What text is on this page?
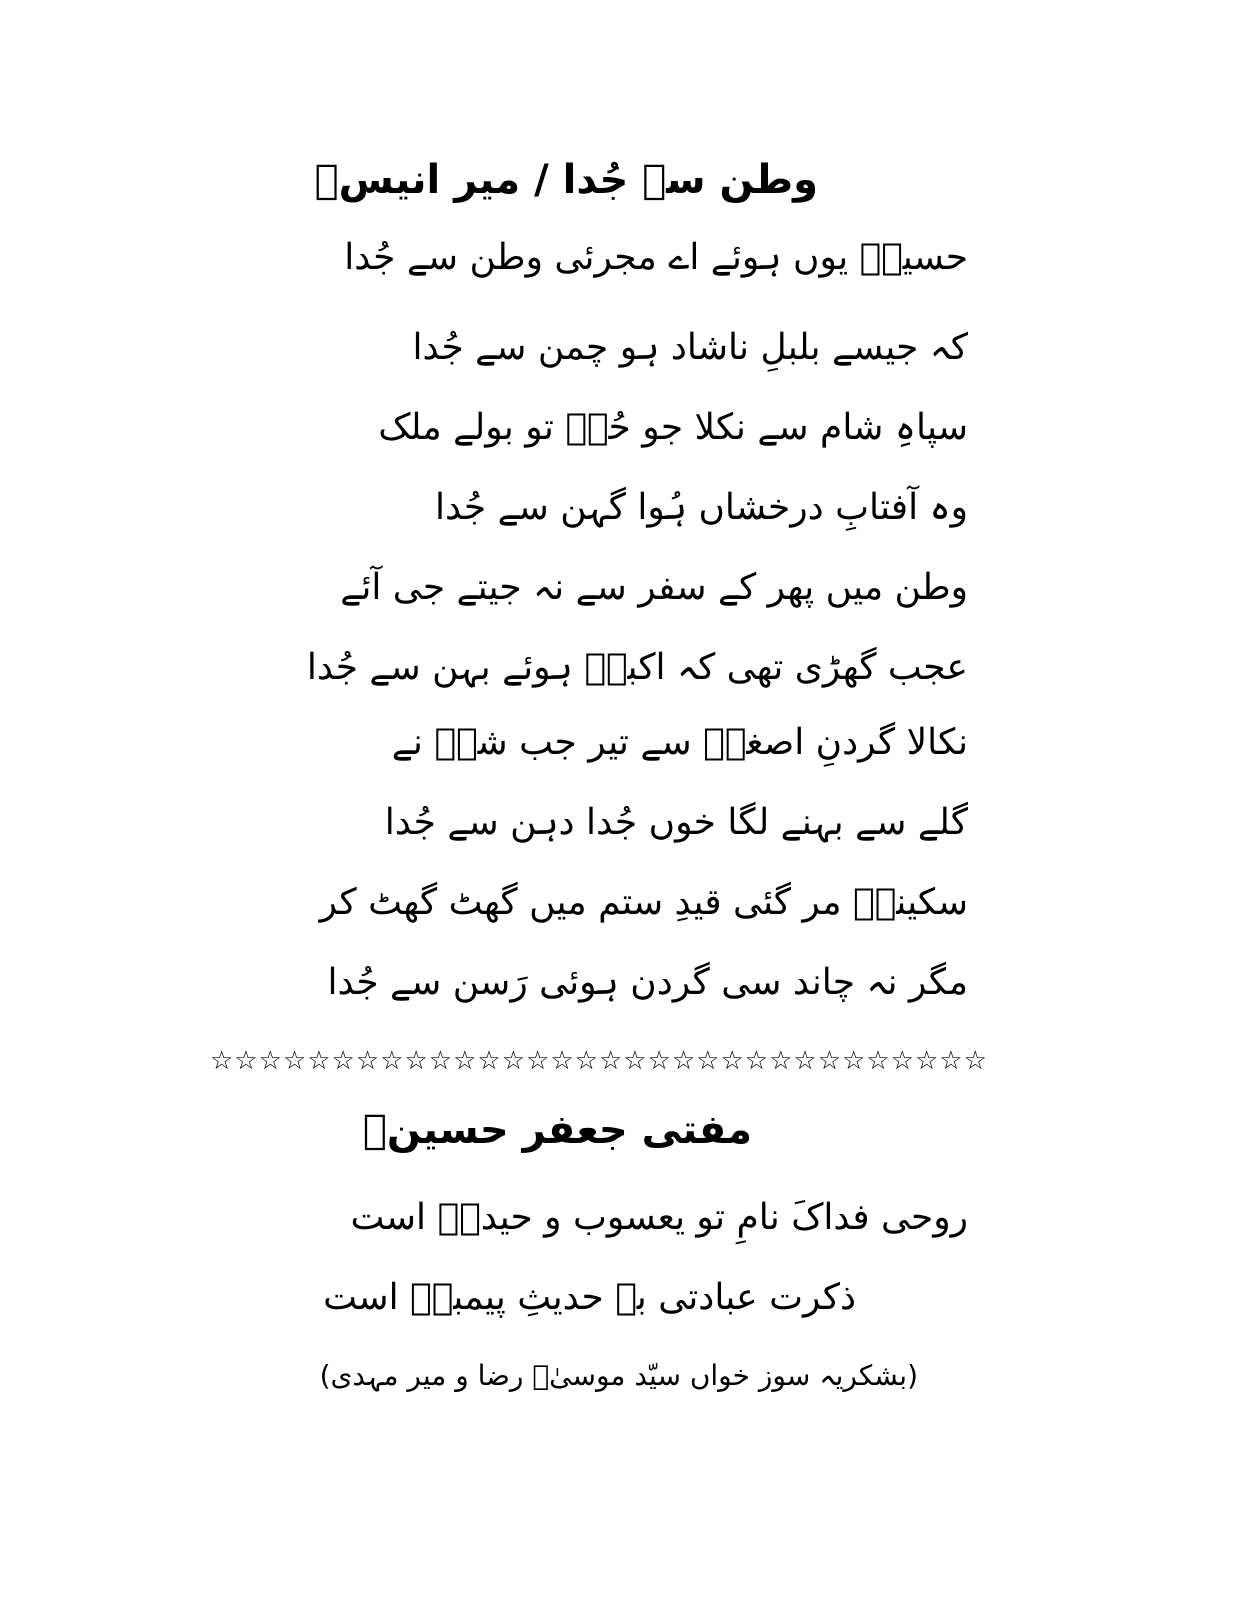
وطن سے جُدا / میر انیسؔ
حسینؑ یوں ہوئے اے مجرئی وطن سے جُدا
کہ جیسے بلبلِ ناشاد ہو چمن سے جُدا
سپاہِ شام سے نکلا جو حُرؑ تو بولے ملک
وہ آفتابِ درخشاں ہُوا گہن سے جُدا
وطن میں پھر کے سفر سے نہ جیتے جی آئے
عجب گھڑی تھی کہ اکبرؑ ہوئے بہن سے جُدا
نکالا گردنِ اصغرؑ سے تیر جب شہؑ نے
گلے سے بہنے لگا خوں جُدا دہن سے جُدا
سکینہؑ مر گئی قیدِ ستم میں گھٹ گھٹ کر
مگر نہ چاند سی گردن ہوئی رَسن سے جُدا
☆☆☆☆☆☆☆☆☆☆☆☆☆☆☆☆☆☆☆☆☆☆☆☆☆☆☆☆☆☆☆☆
مفتی جعفر حسینؒ
روحی فداکَ نامِ تو یعسوب و حیدرؑ است
ذکرت عبادتی بہ حدیثِ پیمبرؐ است
(بشکریہ سوز خواں سیّد موسیٰؒ رضا و میر مہدی)
